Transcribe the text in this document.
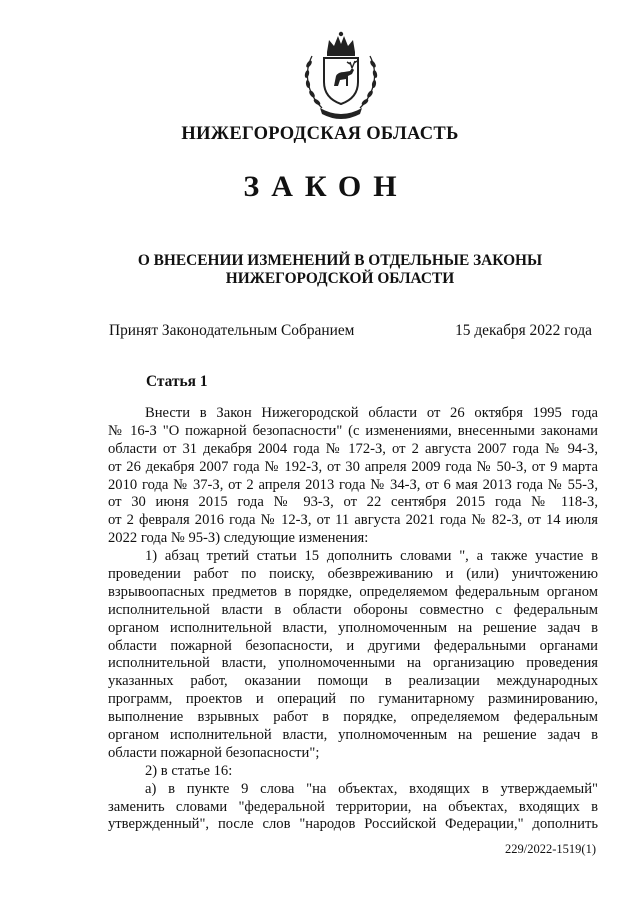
НИЖЕГОРОДСКАЯ ОБЛАСТЬ
ЗАКОН
О ВНЕСЕНИИ ИЗМЕНЕНИЙ В ОТДЕЛЬНЫЕ ЗАКОНЫ
НИЖЕГОРОДСКОЙ ОБЛАСТИ
Принят Законодательным Собранием	15 декабря 2022 года
Статья 1
Внести в Закон Нижегородской области от 26 октября 1995 года
№ 16-З "О пожарной безопасности" (с изменениями, внесенными законами
области от 31 декабря 2004 года № 172-З, от 2 августа 2007 года № 94-З,
от 26 декабря 2007 года № 192-З, от 30 апреля 2009 года № 50-З, от 9 марта
2010 года № 37-З, от 2 апреля 2013 года № 34-З, от 6 мая 2013 года № 55-З,
от 30 июня 2015 года № 93-З, от 22 сентября 2015 года № 118-З,
от 2 февраля 2016 года № 12-З, от 11 августа 2021 года № 82-З, от 14 июля
2022 года № 95-З) следующие изменения:
1) абзац третий статьи 15 дополнить словами ", а также участие в
проведении работ по поиску, обезвреживанию и (или) уничтожению
взрывоопасных предметов в порядке, определяемом федеральным органом
исполнительной власти в области обороны совместно с федеральным
органом исполнительной власти, уполномоченным на решение задач в
области пожарной безопасности, и другими федеральными органами
исполнительной власти, уполномоченными на организацию проведения
указанных работ, оказании помощи в реализации международных
программ, проектов и операций по гуманитарному разминированию,
выполнение взрывных работ в порядке, определяемом федеральным
органом исполнительной власти, уполномоченным на решение задач в
области пожарной безопасности";
2) в статье 16:
а) в пункте 9 слова "на объектах, входящих в утверждаемый"
заменить словами "федеральной территории, на объектах, входящих в
утвержденный", после слов "народов Российской Федерации," дополнить
229/2022-1519(1)
